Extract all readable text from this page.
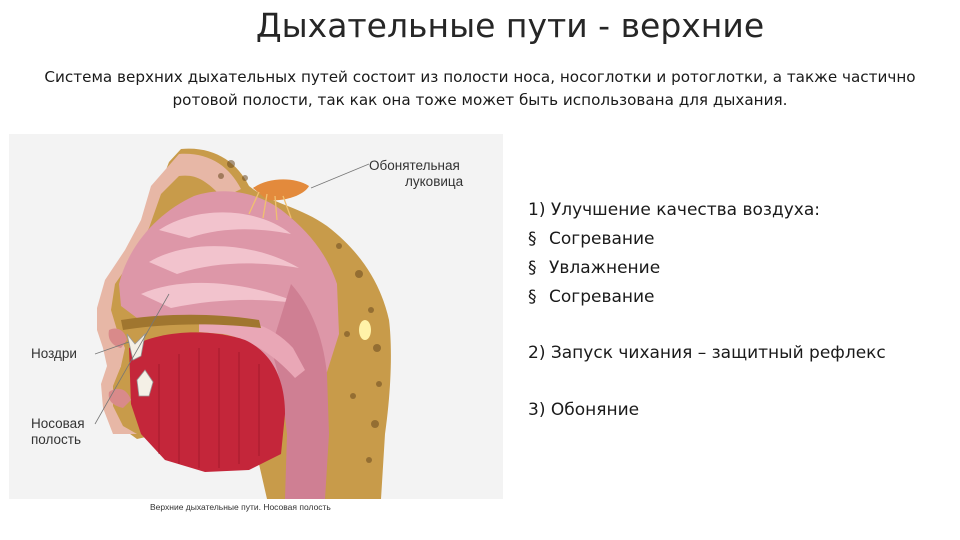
Дыхательные пути - верхние
Система верхних дыхательных путей состоит из полости носа, носоглотки и ротоглотки, а также частично ротовой полости, так как она тоже может быть использована для дыхания.
Обонятельная
луковица
Ноздри
Носовая
полость
Верхние дыхательные пути. Носовая полость
1) Улучшение качества воздуха:
§ Согревание
§ Увлажнение
§ Согревание
2) Запуск чихания – защитный рефлекс
3) Обоняние
